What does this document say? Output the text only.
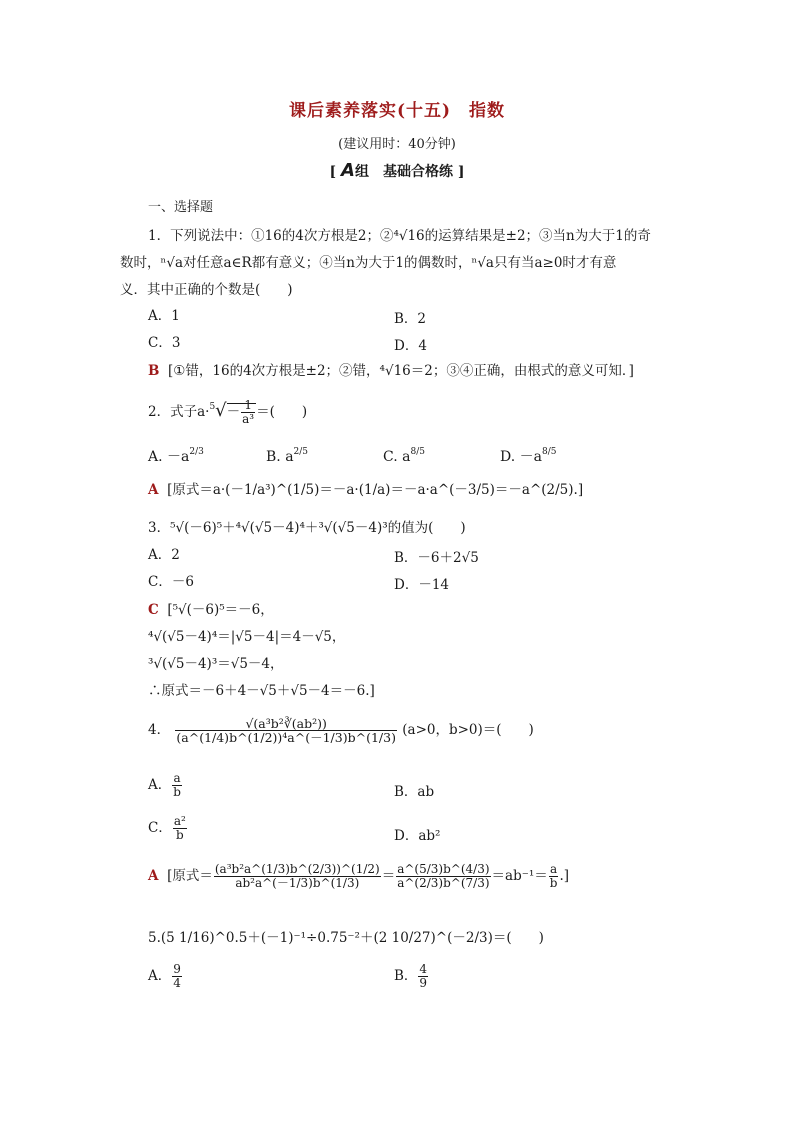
课后素养落实(十五)　指数
(建议用时：40分钟)
[ A组　基础合格练 ]
一、选择题
1．下列说法中：①16的4次方根是2；②⁴√16的运算结果是±2；③当n为大于1的奇
数时，ⁿ√a对任意a∈R都有意义；④当n为大于1的偶数时，ⁿ√a只有当a≥0时才有意
义．其中正确的个数是(　　)
A．1	B．2
C．3	D．4
B [①错，16的4次方根是±2；②错，⁴√16＝2；③④正确，由根式的意义可知．]
2．式子$a\cdot^5√- \frac{1}{\text{a³}}$ ＝(　　)
A. $-a^{2/3}$	B. $a^{2/5}$	C. $a^{8/5}$	D. $-a^{8/5}$
A [原式＝a·(－1/a³)^(1/5)＝－a·(1/a)＝－a·a^(－3/5)＝－a^(2/5).]
3．⁵√(－6)⁵＋⁴√(√5－4)⁴＋³√(√5－4)³的值为(　　)
A．2	B．－6＋2√5
C．－6	D．－14
C [⁵√(－6)⁵＝－6，
⁴√(√5－4)⁴＝|√5－4|＝4－√5，
³√(√5－4)³＝√5－4，
∴原式＝－6＋4－√5＋√5－4＝－6.]
4． $\frac{\text{√(a³b²∛(ab²))}}{\text{(a\textasciicircum{}(1/4)b\textasciicircum{}(1/2))⁴a\textasciicircum{}(－1/3)b\textasciicircum{}(1/3)}} (a>0$，b>0)＝(　　)
A． $\frac{a}{b}$	B．ab
C． $\frac{\text{a²}}{b}$	D．ab²
A [原式＝ $\frac{\text{(a³b²a\textasciicircum{}(1/3)b\textasciicircum{}(2/3))\textasciicircum{}(1/2)}}{\text{ab²a\textasciicircum{}(－1/3)b\textasciicircum{}(1/3)}} = \frac{a\^{}(5/3)b\^{}(4/3)}{a\^{}(2/3)b\^{}(7/3)} =ab^{-1}= \frac{a}{b}$ .]
5.(5 1/16)^0.5＋(－1)⁻¹÷0.75⁻²＋(2 10/27)^(－2/3)＝(　　)
A． $\frac{9}{4}$	B． $\frac{4}{9}$
